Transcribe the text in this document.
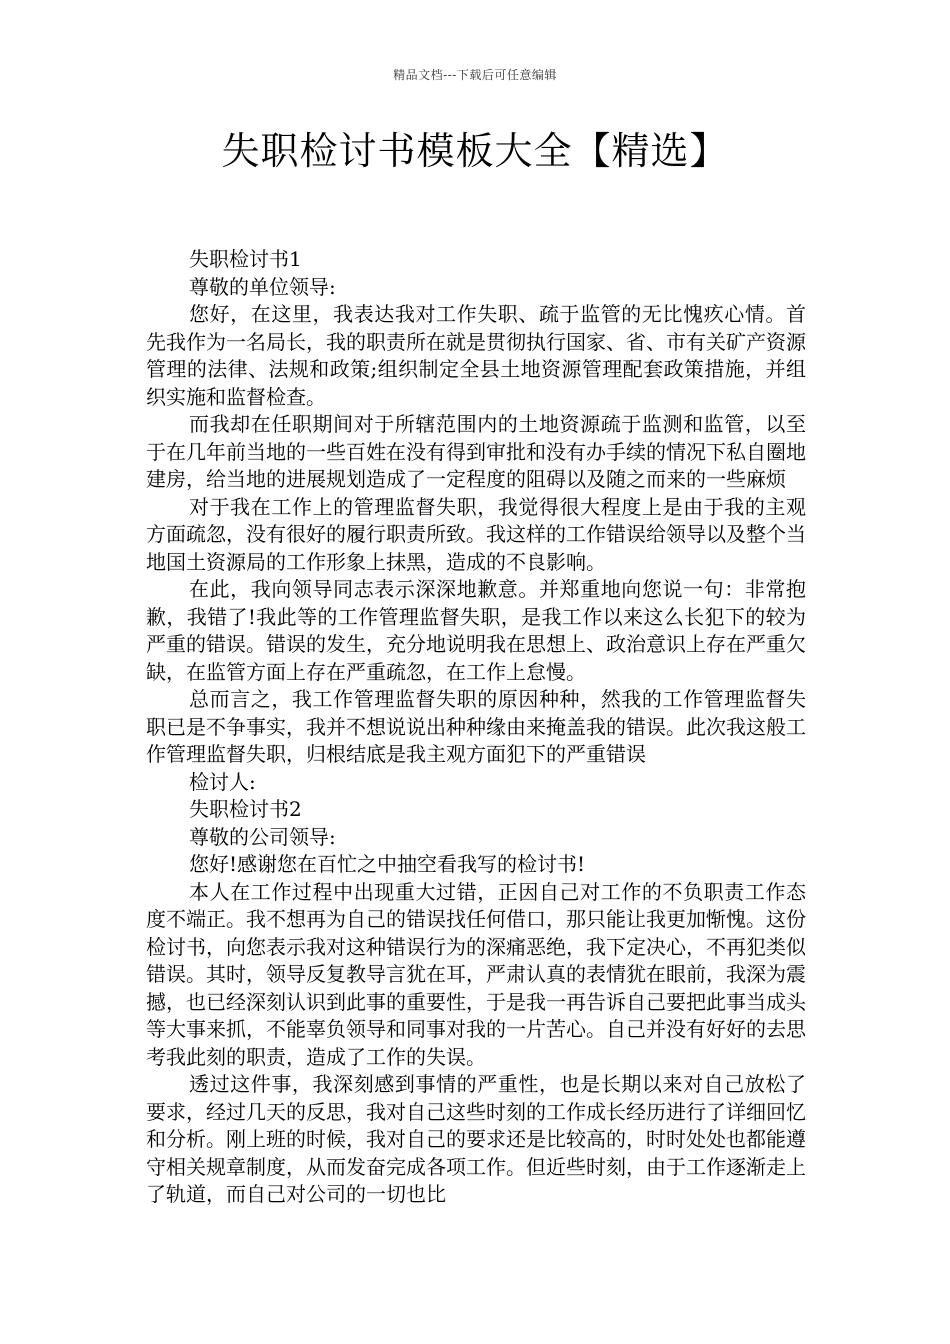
精品文档---下载后可任意编辑
失职检讨书模板大全【精选】

失职检讨书1

尊敬的单位领导:

您好，在这里，我表达我对工作失职、疏于监管的无比愧疚心情。首先我作为一名局长，我的职责所在就是贯彻执行国家、省、市有关矿产资源管理的法律、法规和政策;组织制定全县土地资源管理配套政策措施，并组织实施和监督检查。

而我却在任职期间对于所辖范围内的土地资源疏于监测和监管，以至于在几年前当地的一些百姓在没有得到审批和没有办手续的情况下私自圈地建房，给当地的进展规划造成了一定程度的阻碍以及随之而来的一些麻烦

对于我在工作上的管理监督失职，我觉得很大程度上是由于我的主观方面疏忽，没有很好的履行职责所致。我这样的工作错误给领导以及整个当地国土资源局的工作形象上抹黑，造成的不良影响。

在此，我向领导同志表示深深地歉意。并郑重地向您说一句：非常抱歉，我错了!我此等的工作管理监督失职，是我工作以来这么长犯下的较为严重的错误。错误的发生，充分地说明我在思想上、政治意识上存在严重欠缺，在监管方面上存在严重疏忽，在工作上怠慢。

总而言之，我工作管理监督失职的原因种种，然我的工作管理监督失职已是不争事实，我并不想说说出种种缘由来掩盖我的错误。此次我这般工作管理监督失职，归根结底是我主观方面犯下的严重错误

检讨人:

失职检讨书2

尊敬的公司领导:

您好!感谢您在百忙之中抽空看我写的检讨书!

本人在工作过程中出现重大过错，正因自己对工作的不负职责工作态度不端正。我不想再为自己的错误找任何借口，那只能让我更加惭愧。这份检讨书，向您表示我对这种错误行为的深痛恶绝，我下定决心，不再犯类似错误。其时，领导反复教导言犹在耳，严肃认真的表情犹在眼前，我深为震撼，也已经深刻认识到此事的重要性，于是我一再告诉自己要把此事当成头等大事来抓，不能辜负领导和同事对我的一片苦心。自己并没有好好的去思考我此刻的职责，造成了工作的失误。

透过这件事，我深刻感到事情的严重性，也是长期以来对自己放松了要求，经过几天的反思，我对自己这些时刻的工作成长经历进行了详细回忆和分析。刚上班的时候，我对自己的要求还是比较高的，时时处处也都能遵守相关规章制度，从而发奋完成各项工作。但近些时刻，由于工作逐渐走上了轨道，而自己对公司的一切也比
